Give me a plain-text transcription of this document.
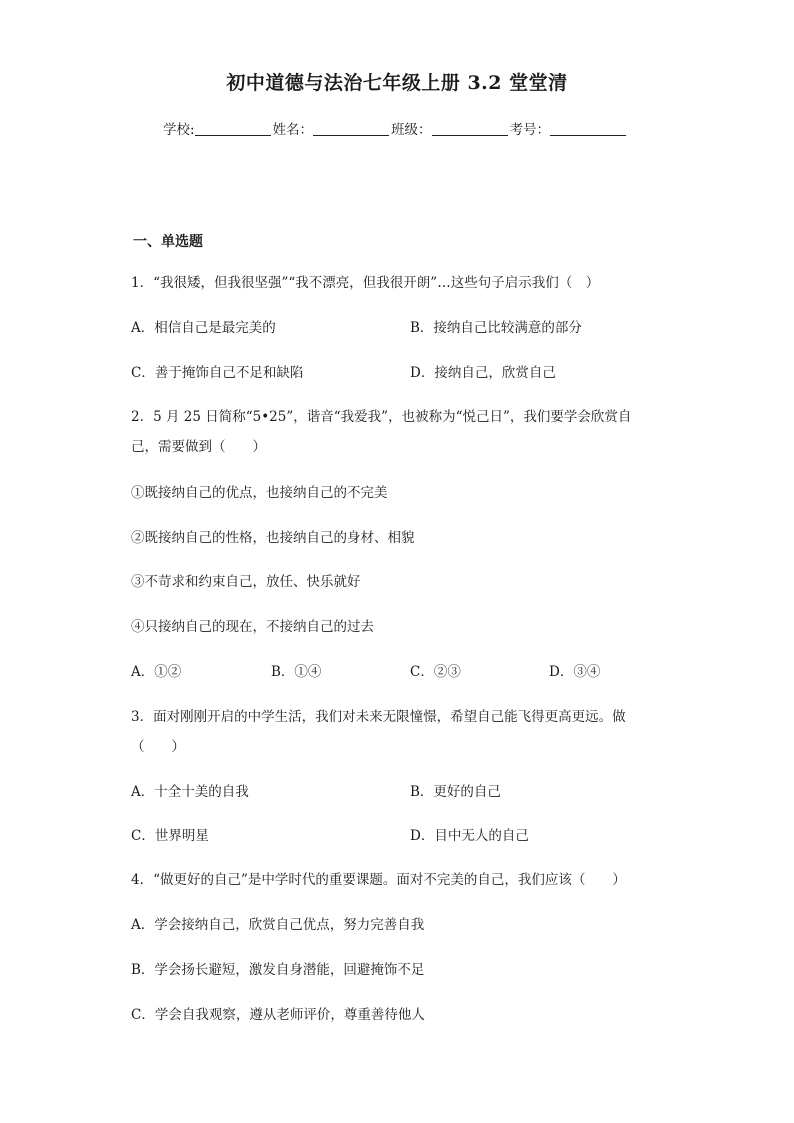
初中道德与法治七年级上册 3.2 堂堂清
学校:	姓名：	班级：	考号：
一、单选题
1．“我很矮，但我很坚强”“我不漂亮，但我很开朗”…这些句子启示我们（　）
A．相信自己是最完美的	B．接纳自己比较满意的部分
C．善于掩饰自己不足和缺陷	D．接纳自己，欣赏自己
2．5 月 25 日简称“5•25”，谐音“我爱我”，也被称为“悦己日”，我们要学会欣赏自
己，需要做到（　　）
①既接纳自己的优点，也接纳自己的不完美
②既接纳自己的性格，也接纳自己的身材、相貌
③不苛求和约束自己，放任、快乐就好
④只接纳自己的现在，不接纳自己的过去
A．①②	B．①④	C．②③	D．③④
3．面对刚刚开启的中学生活，我们对未来无限憧憬，希望自己能飞得更高更远。做
（　　）
A．十全十美的自我	B．更好的自己
C．世界明星	D．目中无人的自己
4．“做更好的自己”是中学时代的重要课题。面对不完美的自己，我们应该（　　）
A．学会接纳自己，欣赏自己优点，努力完善自我
B．学会扬长避短，激发自身潜能，回避掩饰不足
C．学会自我观察，遵从老师评价，尊重善待他人
